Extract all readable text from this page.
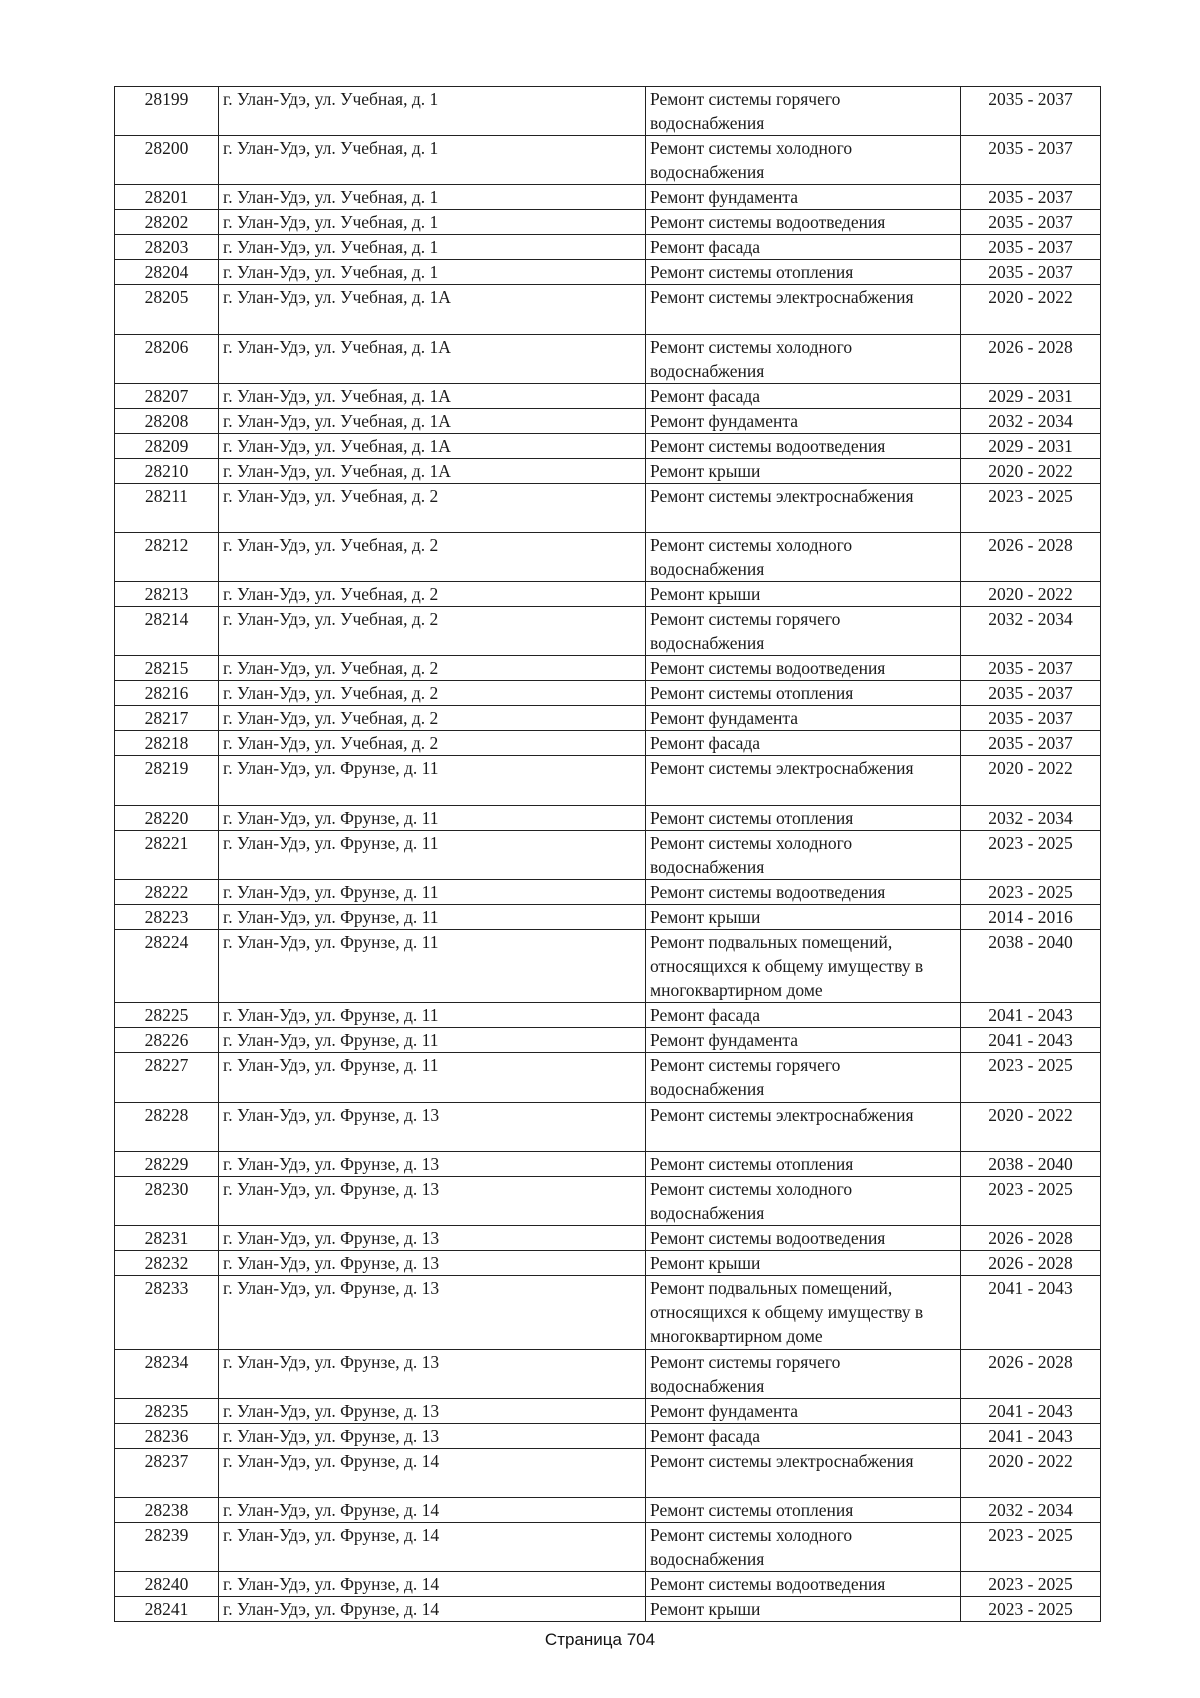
28199	г. Улан-Удэ, ул. Учебная, д. 1	Ремонт системы горячего водоснабжения	2035 - 2037
28200	г. Улан-Удэ, ул. Учебная, д. 1	Ремонт системы холодного водоснабжения	2035 - 2037
28201	г. Улан-Удэ, ул. Учебная, д. 1	Ремонт фундамента	2035 - 2037
28202	г. Улан-Удэ, ул. Учебная, д. 1	Ремонт системы водоотведения	2035 - 2037
28203	г. Улан-Удэ, ул. Учебная, д. 1	Ремонт фасада	2035 - 2037
28204	г. Улан-Удэ, ул. Учебная, д. 1	Ремонт системы отопления	2035 - 2037
28205	г. Улан-Удэ, ул. Учебная, д. 1А	Ремонт системы электроснабжения	2020 - 2022
28206	г. Улан-Удэ, ул. Учебная, д. 1А	Ремонт системы холодного водоснабжения	2026 - 2028
28207	г. Улан-Удэ, ул. Учебная, д. 1А	Ремонт фасада	2029 - 2031
28208	г. Улан-Удэ, ул. Учебная, д. 1А	Ремонт фундамента	2032 - 2034
28209	г. Улан-Удэ, ул. Учебная, д. 1А	Ремонт системы водоотведения	2029 - 2031
28210	г. Улан-Удэ, ул. Учебная, д. 1А	Ремонт крыши	2020 - 2022
28211	г. Улан-Удэ, ул. Учебная, д. 2	Ремонт системы электроснабжения	2023 - 2025
28212	г. Улан-Удэ, ул. Учебная, д. 2	Ремонт системы холодного водоснабжения	2026 - 2028
28213	г. Улан-Удэ, ул. Учебная, д. 2	Ремонт крыши	2020 - 2022
28214	г. Улан-Удэ, ул. Учебная, д. 2	Ремонт системы горячего водоснабжения	2032 - 2034
28215	г. Улан-Удэ, ул. Учебная, д. 2	Ремонт системы водоотведения	2035 - 2037
28216	г. Улан-Удэ, ул. Учебная, д. 2	Ремонт системы отопления	2035 - 2037
28217	г. Улан-Удэ, ул. Учебная, д. 2	Ремонт фундамента	2035 - 2037
28218	г. Улан-Удэ, ул. Учебная, д. 2	Ремонт фасада	2035 - 2037
28219	г. Улан-Удэ, ул. Фрунзе, д. 11	Ремонт системы электроснабжения	2020 - 2022
28220	г. Улан-Удэ, ул. Фрунзе, д. 11	Ремонт системы отопления	2032 - 2034
28221	г. Улан-Удэ, ул. Фрунзе, д. 11	Ремонт системы холодного водоснабжения	2023 - 2025
28222	г. Улан-Удэ, ул. Фрунзе, д. 11	Ремонт системы водоотведения	2023 - 2025
28223	г. Улан-Удэ, ул. Фрунзе, д. 11	Ремонт крыши	2014 - 2016
28224	г. Улан-Удэ, ул. Фрунзе, д. 11	Ремонт подвальных помещений, относящихся к общему имуществу в многоквартирном доме	2038 - 2040
28225	г. Улан-Удэ, ул. Фрунзе, д. 11	Ремонт фасада	2041 - 2043
28226	г. Улан-Удэ, ул. Фрунзе, д. 11	Ремонт фундамента	2041 - 2043
28227	г. Улан-Удэ, ул. Фрунзе, д. 11	Ремонт системы горячего водоснабжения	2023 - 2025
28228	г. Улан-Удэ, ул. Фрунзе, д. 13	Ремонт системы электроснабжения	2020 - 2022
28229	г. Улан-Удэ, ул. Фрунзе, д. 13	Ремонт системы отопления	2038 - 2040
28230	г. Улан-Удэ, ул. Фрунзе, д. 13	Ремонт системы холодного водоснабжения	2023 - 2025
28231	г. Улан-Удэ, ул. Фрунзе, д. 13	Ремонт системы водоотведения	2026 - 2028
28232	г. Улан-Удэ, ул. Фрунзе, д. 13	Ремонт крыши	2026 - 2028
28233	г. Улан-Удэ, ул. Фрунзе, д. 13	Ремонт подвальных помещений, относящихся к общему имуществу в многоквартирном доме	2041 - 2043
28234	г. Улан-Удэ, ул. Фрунзе, д. 13	Ремонт системы горячего водоснабжения	2026 - 2028
28235	г. Улан-Удэ, ул. Фрунзе, д. 13	Ремонт фундамента	2041 - 2043
28236	г. Улан-Удэ, ул. Фрунзе, д. 13	Ремонт фасада	2041 - 2043
28237	г. Улан-Удэ, ул. Фрунзе, д. 14	Ремонт системы электроснабжения	2020 - 2022
28238	г. Улан-Удэ, ул. Фрунзе, д. 14	Ремонт системы отопления	2032 - 2034
28239	г. Улан-Удэ, ул. Фрунзе, д. 14	Ремонт системы холодного водоснабжения	2023 - 2025
28240	г. Улан-Удэ, ул. Фрунзе, д. 14	Ремонт системы водоотведения	2023 - 2025
28241	г. Улан-Удэ, ул. Фрунзе, д. 14	Ремонт крыши	2023 - 2025
Страница 704
